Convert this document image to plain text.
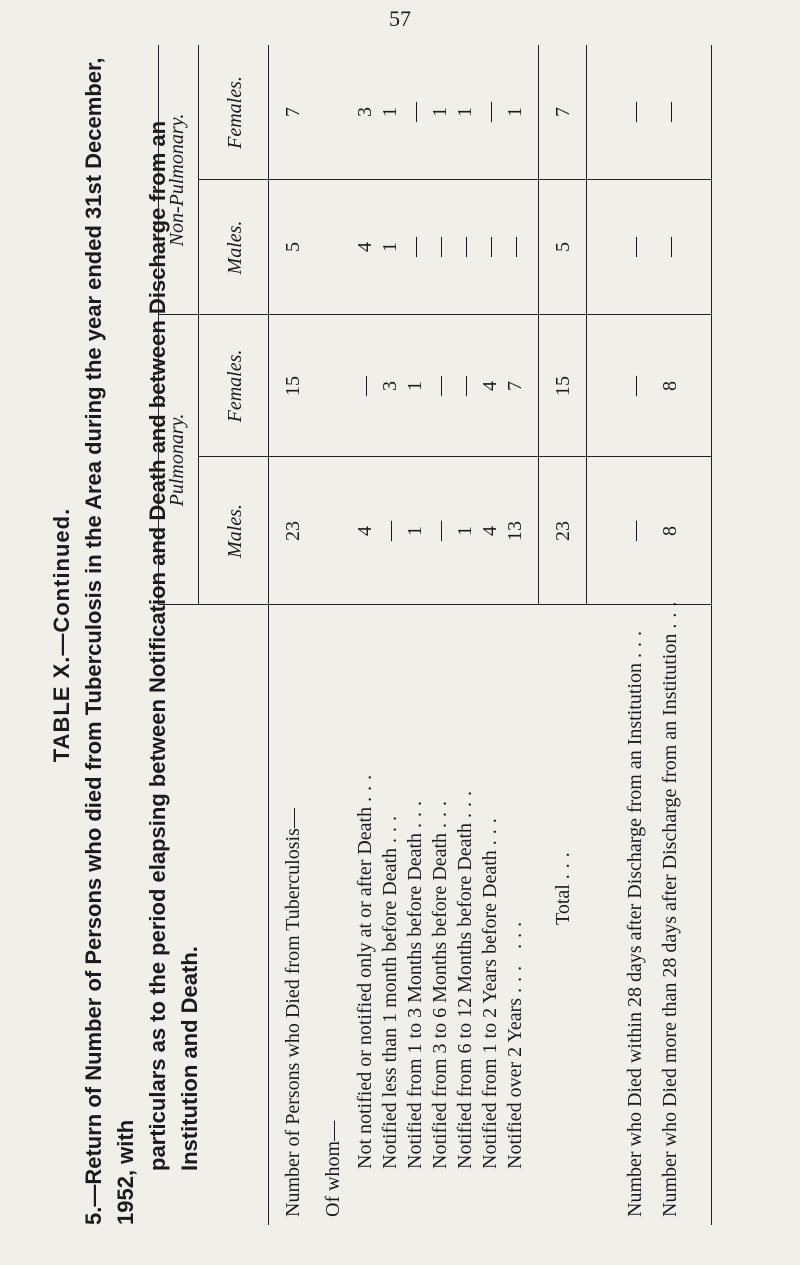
57
TABLE X.—Continued. 5.—Return of Number of Persons who died from Tuberculosis in the Area during the year ended 31st December, 1952, with
particulars as to the period elapsing between Notification and Death and between Discharge from an Institution and Death.
Pulmonary.
Non-Pulmonary.
Males.
Females.
Males.
Females.
Number of Persons who Died from Tuberculosis— Of whom— Not notified or notified only at or after Death ...
Notified less than 1 month before Death ...
Notified from 1 to 3 Months before Death ...
Notified from 3 to 6 Months before Death ...
Notified from 6 to 12 Months before Death ...
Notified from 1 to 2 Years before Death ...
Notified over 2 Years ... ...
Total ...	Number who Died within 28 days after Discharge from an Institution ... Number who Died more than 28 days after Discharge from an Institution ...
23
15
5
7
4
—
4
3
—
3
1
1
1
1
—
—
—
—
—
1
1
—
—
1
4
4
—
—
13
7
—
1
23
15
5
7
—
—
—
—
8
8
—
—
